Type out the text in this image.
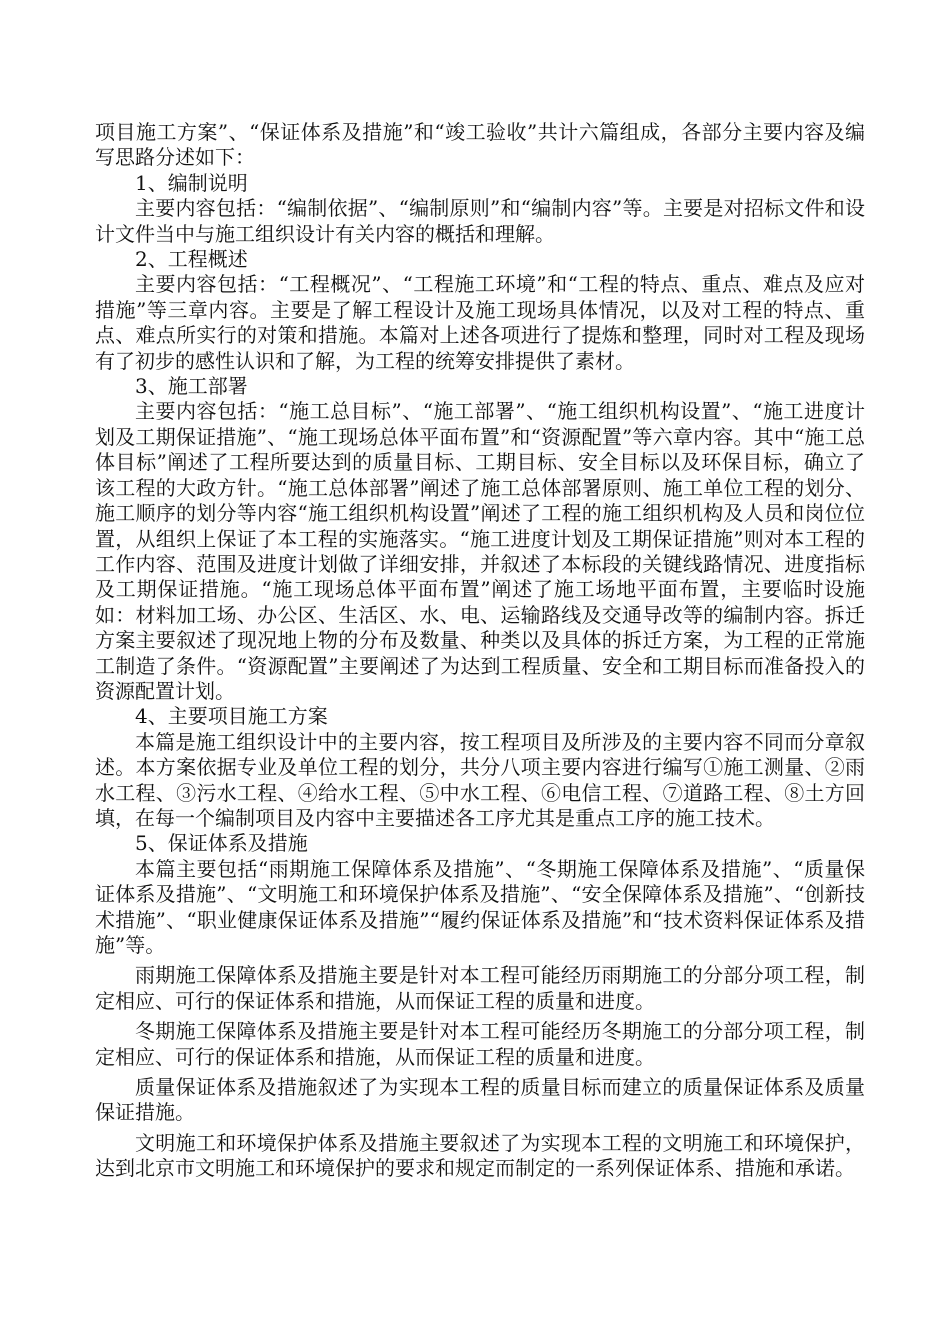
项目施工方案”、“保证体系及措施”和“竣工验收”共计六篇组成，各部分主要内容及编写思路分述如下：

1、编制说明

主要内容包括：“编制依据”、“编制原则”和“编制内容”等。主要是对招标文件和设计文件当中与施工组织设计有关内容的概括和理解。

2、工程概述

主要内容包括：“工程概况”、“工程施工环境”和“工程的特点、重点、难点及应对措施”等三章内容。主要是了解工程设计及施工现场具体情况，以及对工程的特点、重点、难点所实行的对策和措施。本篇对上述各项进行了提炼和整理，同时对工程及现场有了初步的感性认识和了解，为工程的统筹安排提供了素材。

3、施工部署

主要内容包括：“施工总目标”、“施工部署”、“施工组织机构设置”、“施工进度计划及工期保证措施”、“施工现场总体平面布置”和“资源配置”等六章内容。其中“施工总体目标”阐述了工程所要达到的质量目标、工期目标、安全目标以及环保目标，确立了该工程的大政方针。“施工总体部署”阐述了施工总体部署原则、施工单位工程的划分、施工顺序的划分等内容“施工组织机构设置”阐述了工程的施工组织机构及人员和岗位位置，从组织上保证了本工程的实施落实。“施工进度计划及工期保证措施”则对本工程的工作内容、范围及进度计划做了详细安排，并叙述了本标段的关键线路情况、进度指标及工期保证措施。“施工现场总体平面布置”阐述了施工场地平面布置，主要临时设施如：材料加工场、办公区、生活区、水、电、运输路线及交通导改等的编制内容。拆迁方案主要叙述了现况地上物的分布及数量、种类以及具体的拆迁方案，为工程的正常施工制造了条件。“资源配置”主要阐述了为达到工程质量、安全和工期目标而准备投入的资源配置计划。

4、主要项目施工方案

本篇是施工组织设计中的主要内容，按工程项目及所涉及的主要内容不同而分章叙述。本方案依据专业及单位工程的划分，共分八项主要内容进行编写①施工测量、②雨水工程、③污水工程、④给水工程、⑤中水工程、⑥电信工程、⑦道路工程、⑧土方回填，在每一个编制项目及内容中主要描述各工序尤其是重点工序的施工技术。

5、保证体系及措施

本篇主要包括“雨期施工保障体系及措施”、“冬期施工保障体系及措施”、“质量保证体系及措施”、“文明施工和环境保护体系及措施”、“安全保障体系及措施”、“创新技术措施”、“职业健康保证体系及措施”“履约保证体系及措施”和“技术资料保证体系及措施”等。

雨期施工保障体系及措施主要是针对本工程可能经历雨期施工的分部分项工程，制定相应、可行的保证体系和措施，从而保证工程的质量和进度。

冬期施工保障体系及措施主要是针对本工程可能经历冬期施工的分部分项工程，制定相应、可行的保证体系和措施，从而保证工程的质量和进度。

质量保证体系及措施叙述了为实现本工程的质量目标而建立的质量保证体系及质量保证措施。

文明施工和环境保护体系及措施主要叙述了为实现本工程的文明施工和环境保护，达到北京市文明施工和环境保护的要求和规定而制定的一系列保证体系、措施和承诺。
